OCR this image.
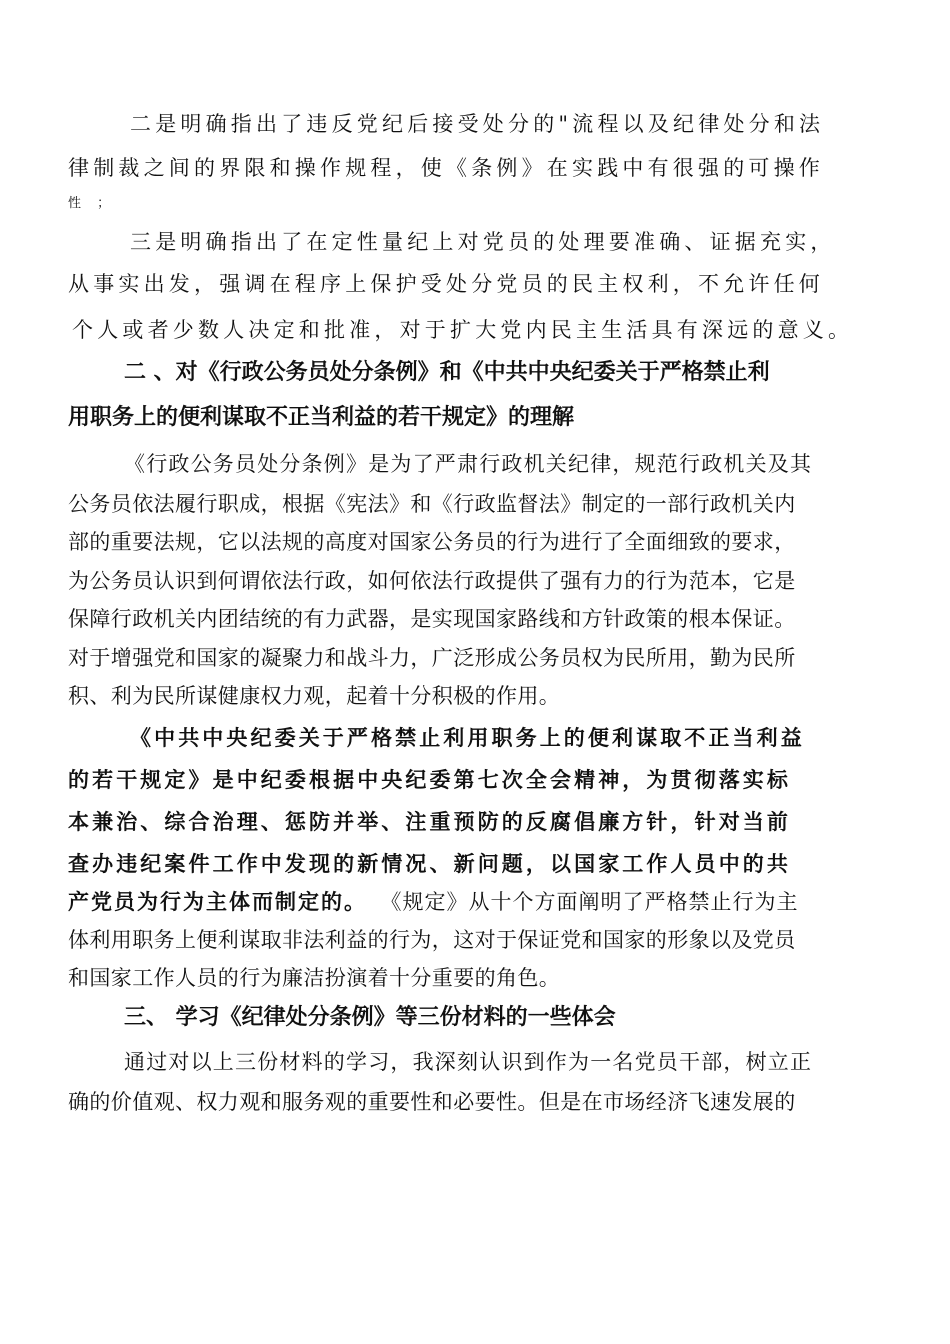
二是明确指出了违反党纪后接受处分的"流程以及纪律处分和法
律制裁之间的界限和操作规程，使《条例》在实践中有很强的可操作
性 ；
三是明确指出了在定性量纪上对党员的处理要准确、证据充实，
从事实出发，强调在程序上保护受处分党员的民主权利，不允许任何
个人或者少数人决定和批准，对于扩大党内民主生活具有深远的意义。
二 、对《行政公务员处分条例》和《中共中央纪委关于严格禁止利
用职务上的便利谋取不正当利益的若干规定》的理解
《行政公务员处分条例》是为了严肃行政机关纪律，规范行政机关及其
公务员依法履行职成，根据《宪法》和《行政监督法》制定的一部行政机关内
部的重要法规，它以法规的高度对国家公务员的行为进行了全面细致的要求，
为公务员认识到何谓依法行政，如何依法行政提供了强有力的行为范本，它是
保障行政机关内团结统的有力武器，是实现国家路线和方针政策的根本保证。
对于增强党和国家的凝聚力和战斗力，广泛形成公务员权为民所用，勤为民所
积、利为民所谋健康权力观，起着十分积极的作用。
《中共中央纪委关于严格禁止利用职务上的便利谋取不正当利益
的若干规定》是中纪委根据中央纪委第七次全会精神，为贯彻落实标
本兼治、综合治理、惩防并举、注重预防的反腐倡廉方针，针对当前
查办违纪案件工作中发现的新情况、新问题，以国家工作人员中的共
产党员为行为主体而制定的。 《规定》从十个方面阐明了严格禁止行为主
体利用职务上便利谋取非法利益的行为，这对于保证党和国家的形象以及党员
和国家工作人员的行为廉洁扮演着十分重要的角色。
三、 学习《纪律处分条例》等三份材料的一些体会
通过对以上三份材料的学习，我深刻认识到作为一名党员干部，树立正
确的价值观、权力观和服务观的重要性和必要性。但是在市场经济飞速发展的
